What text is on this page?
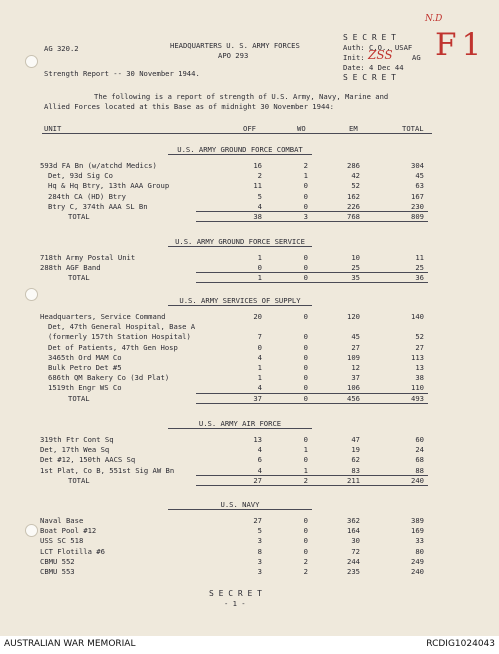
AG 320.2	HEADQUARTERS U. S. ARMY FORCES
APO 293
Strength Report -- 30 November 1944.
S E C R E T
Auth: C.O., USAF
Init: ZSS	AG
Date: 4 Dec 44
S E C R E T
N.D
F1
The following is a report of strength of U.S. Army, Navy, Marine and
Allied Forces located at this Base as of midnight 30 November 1944:
UNIT	OFF	WO	EM	TOTAL
U.S. ARMY GROUND FORCE COMBAT
593d FA Bn (w/atchd Medics)	16	2	286	304
Det, 93d Sig Co	2	1	42	45
Hq & Hq Btry, 13th AAA Group	11	0	52	63
284th CA (HD) Btry	5	0	162	167
Btry C, 374th AAA SL Bn	4	0	226	230
TOTAL	38	3	768	809
U.S. ARMY GROUND FORCE SERVICE
718th Army Postal Unit	1	0	10	11
288th AGF Band	0	0	25	25
TOTAL	1	0	35	36
U.S. ARMY SERVICES OF SUPPLY
Headquarters, Service Command	20	0	120	140
Det, 47th General Hospital, Base A
(formerly 157th Station Hospital)	7	0	45	52
Det of Patients, 47th Gen Hosp	0	0	27	27
3465th Ord MAM Co	4	0	109	113
Bulk Petro Det #5	1	0	12	13
686th QM Bakery Co (3d Plat)	1	0	37	38
1519th Engr WS Co	4	0	106	110
TOTAL	37	0	456	493
U.S. ARMY AIR FORCE
319th Ftr Cont Sq	13	0	47	60
Det, 17th Wea Sq	4	1	19	24
Det #12, 150th AACS Sq	6	0	62	68
1st Plat, Co B, 551st Sig AW Bn	4	1	83	88
TOTAL	27	2	211	240
U.S. NAVY
Naval Base	27	0	362	389
Boat Pool #12	5	0	164	169
USS SC 518	3	0	30	33
LCT Flotilla #6	8	0	72	80
CBMU 552	3	2	244	249
CBMU 553	3	2	235	240
S E C R E T
- 1 -
AUSTRALIAN WAR MEMORIAL	RCDIG1024043
